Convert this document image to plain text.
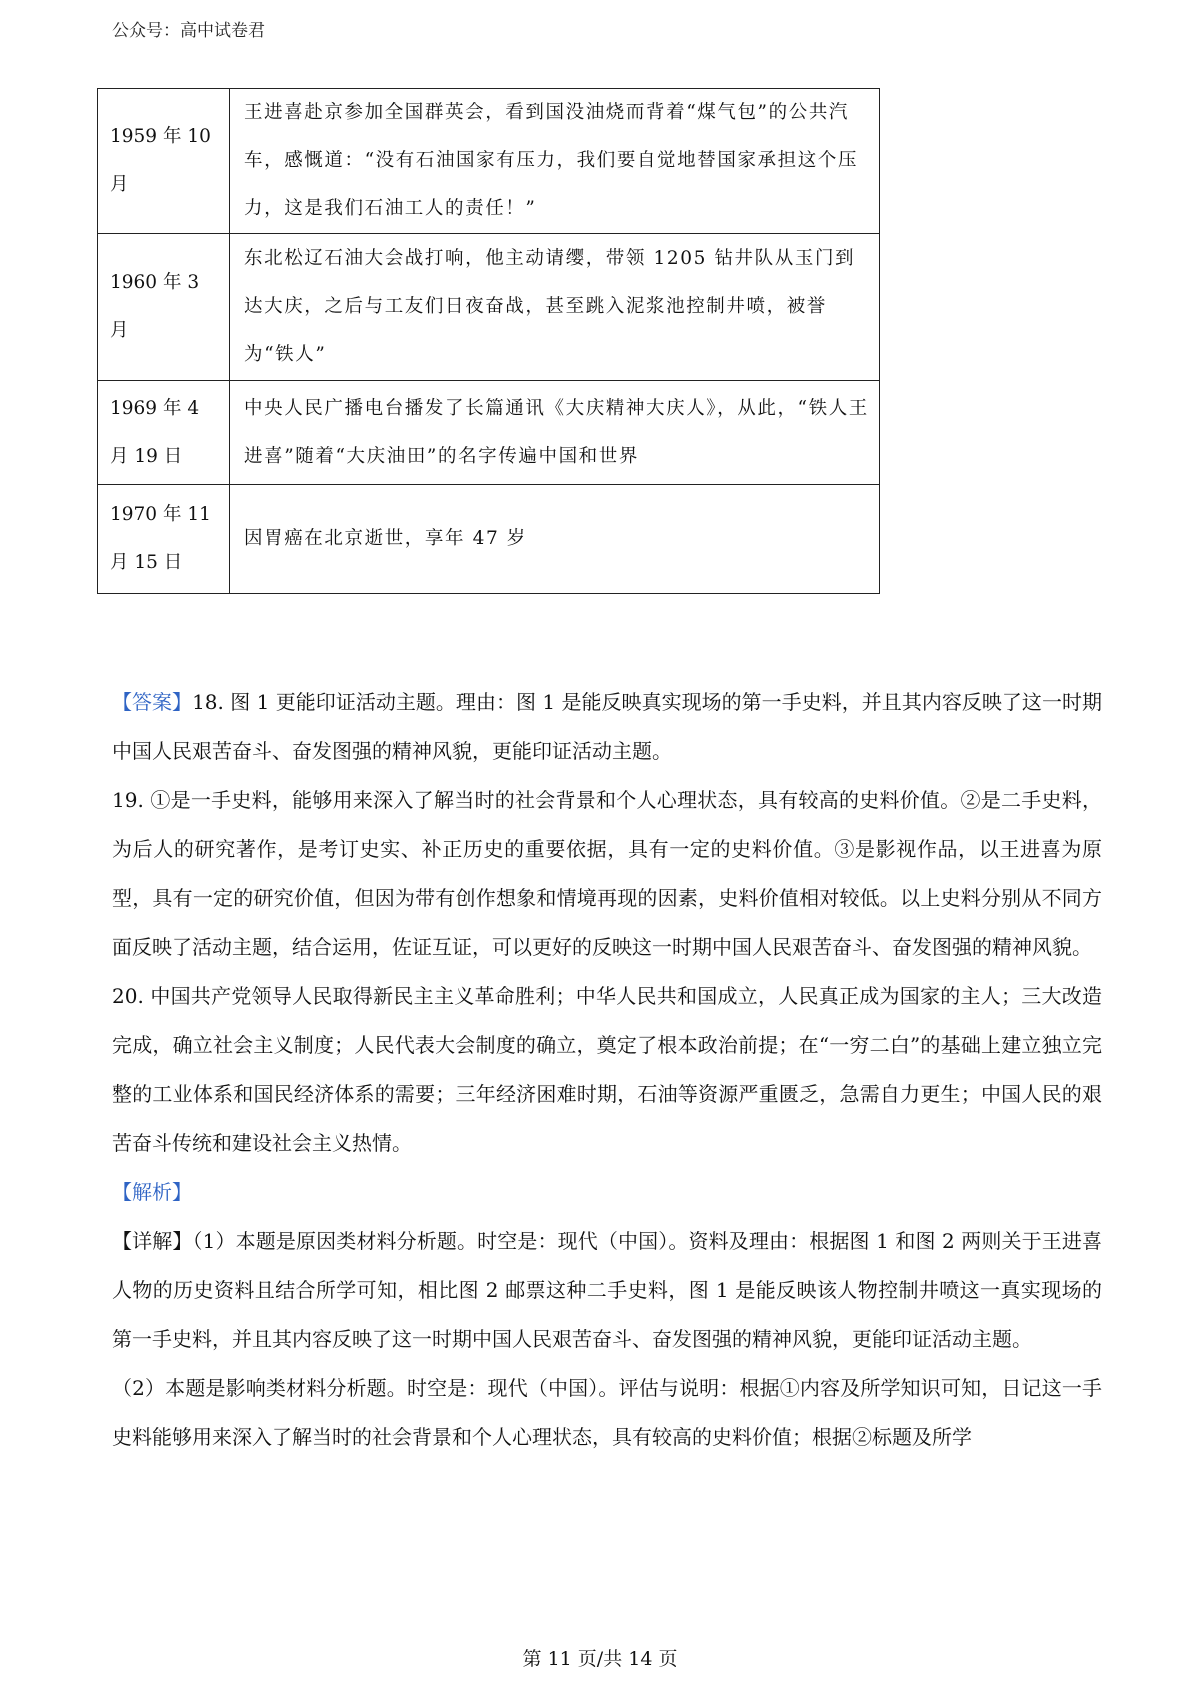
公众号：高中试卷君
1959 年 10 月	王进喜赴京参加全国群英会，看到国没油烧而背着“煤气包”的公共汽车，感慨道：“没有石油国家有压力，我们要自觉地替国家承担这个压力，这是我们石油工人的责任！”
1960 年 3 月	东北松辽石油大会战打响，他主动请缨，带领 1205 钻井队从玉门到达大庆，之后与工友们日夜奋战，甚至跳入泥浆池控制井喷，被誉为“铁人”
1969 年 4 月 19 日	中央人民广播电台播发了长篇通讯《大庆精神大庆人》，从此，“铁人王进喜”随着“大庆油田”的名字传遍中国和世界
1970 年 11 月 15 日	因胃癌在北京逝世，享年 47 岁

【答案】18. 图 1 更能印证活动主题。理由：图 1 是能反映真实现场的第一手史料，并且其内容反映了这一时期中国人民艰苦奋斗、奋发图强的精神风貌，更能印证活动主题。

19. ①是一手史料，能够用来深入了解当时的社会背景和个人心理状态，具有较高的史料价值。②是二手史料，为后人的研究著作，是考订史实、补正历史的重要依据，具有一定的史料价值。③是影视作品，以王进喜为原型，具有一定的研究价值，但因为带有创作想象和情境再现的因素，史料价值相对较低。以上史料分别从不同方面反映了活动主题，结合运用，佐证互证，可以更好的反映这一时期中国人民艰苦奋斗、奋发图强的精神风貌。

20. 中国共产党领导人民取得新民主主义革命胜利；中华人民共和国成立，人民真正成为国家的主人；三大改造完成，确立社会主义制度；人民代表大会制度的确立，奠定了根本政治前提；在“一穷二白”的基础上建立独立完整的工业体系和国民经济体系的需要；三年经济困难时期，石油等资源严重匮乏，急需自力更生；中国人民的艰苦奋斗传统和建设社会主义热情。

【解析】

【详解】（1）本题是原因类材料分析题。时空是：现代（中国）。资料及理由：根据图 1 和图 2 两则关于王进喜人物的历史资料且结合所学可知，相比图 2 邮票这种二手史料，图 1 是能反映该人物控制井喷这一真实现场的第一手史料，并且其内容反映了这一时期中国人民艰苦奋斗、奋发图强的精神风貌，更能印证活动主题。

（2）本题是影响类材料分析题。时空是：现代（中国）。评估与说明：根据①内容及所学知识可知，日记这一手史料能够用来深入了解当时的社会背景和个人心理状态，具有较高的史料价值；根据②标题及所学

第 11 页/共 14 页
